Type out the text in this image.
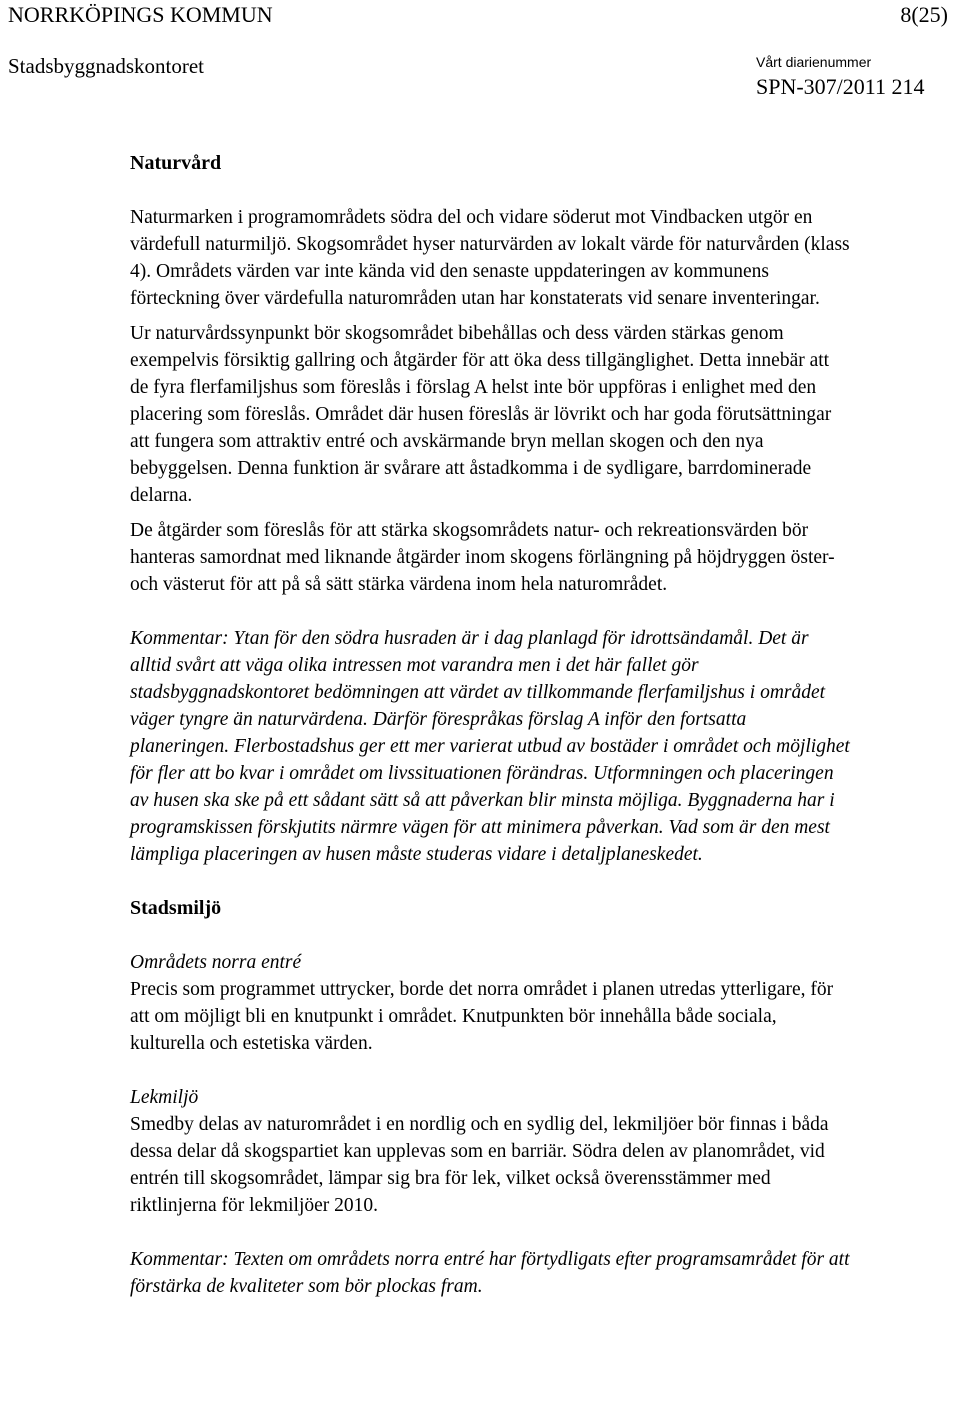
NORRKÖPINGS KOMMUN	8(25)
Stadsbyggnadskontoret	Vårt diarienummer
SPN-307/2011 214

Naturvård

Naturmarken i programområdets södra del och vidare söderut mot Vindbacken utgör en värdefull naturmiljö. Skogsområdet hyser naturvärden av lokalt värde för naturvården (klass 4). Områdets värden var inte kända vid den senaste uppdateringen av kommunens förteckning över värdefulla naturområden utan har konstaterats vid senare inventeringar.

Ur naturvårdssynpunkt bör skogsområdet bibehållas och dess värden stärkas genom exempelvis försiktig gallring och åtgärder för att öka dess tillgänglighet. Detta innebär att de fyra flerfamiljshus som föreslås i förslag A helst inte bör uppföras i enlighet med den placering som föreslås. Området där husen föreslås är lövrikt och har goda förutsättningar att fungera som attraktiv entré och avskärmande bryn mellan skogen och den nya bebyggelsen. Denna funktion är svårare att åstadkomma i de sydligare, barrdominerade delarna.

De åtgärder som föreslås för att stärka skogsområdets natur- och rekreationsvärden bör hanteras samordnat med liknande åtgärder inom skogens förlängning på höjdryggen öster- och västerut för att på så sätt stärka värdena inom hela naturområdet.

Kommentar: Ytan för den södra husraden är i dag planlagd för idrottsändamål. Det är alltid svårt att väga olika intressen mot varandra men i det här fallet gör stadsbyggnadskontoret bedömningen att värdet av tillkommande flerfamiljshus i området väger tyngre än naturvärdena. Därför förespråkas förslag A inför den fortsatta planeringen. Flerbostadshus ger ett mer varierat utbud av bostäder i området och möjlighet för fler att bo kvar i området om livssituationen förändras. Utformningen och placeringen av husen ska ske på ett sådant sätt så att påverkan blir minsta möjliga. Byggnaderna har i programskissen förskjutits närmre vägen för att minimera påverkan. Vad som är den mest lämpliga placeringen av husen måste studeras vidare i detaljplaneskedet.

Stadsmiljö

Områdets norra entré

Precis som programmet uttrycker, borde det norra området i planen utredas ytterligare, för att om möjligt bli en knutpunkt i området. Knutpunkten bör innehålla både sociala, kulturella och estetiska värden.

Lekmiljö

Smedby delas av naturområdet i en nordlig och en sydlig del, lekmiljöer bör finnas i båda dessa delar då skogspartiet kan upplevas som en barriär. Södra delen av planområdet, vid entrén till skogsområdet, lämpar sig bra för lek, vilket också överensstämmer med riktlinjerna för lekmiljöer 2010.

Kommentar: Texten om områdets norra entré har förtydligats efter programsamrådet för att förstärka de kvaliteter som bör plockas fram.
